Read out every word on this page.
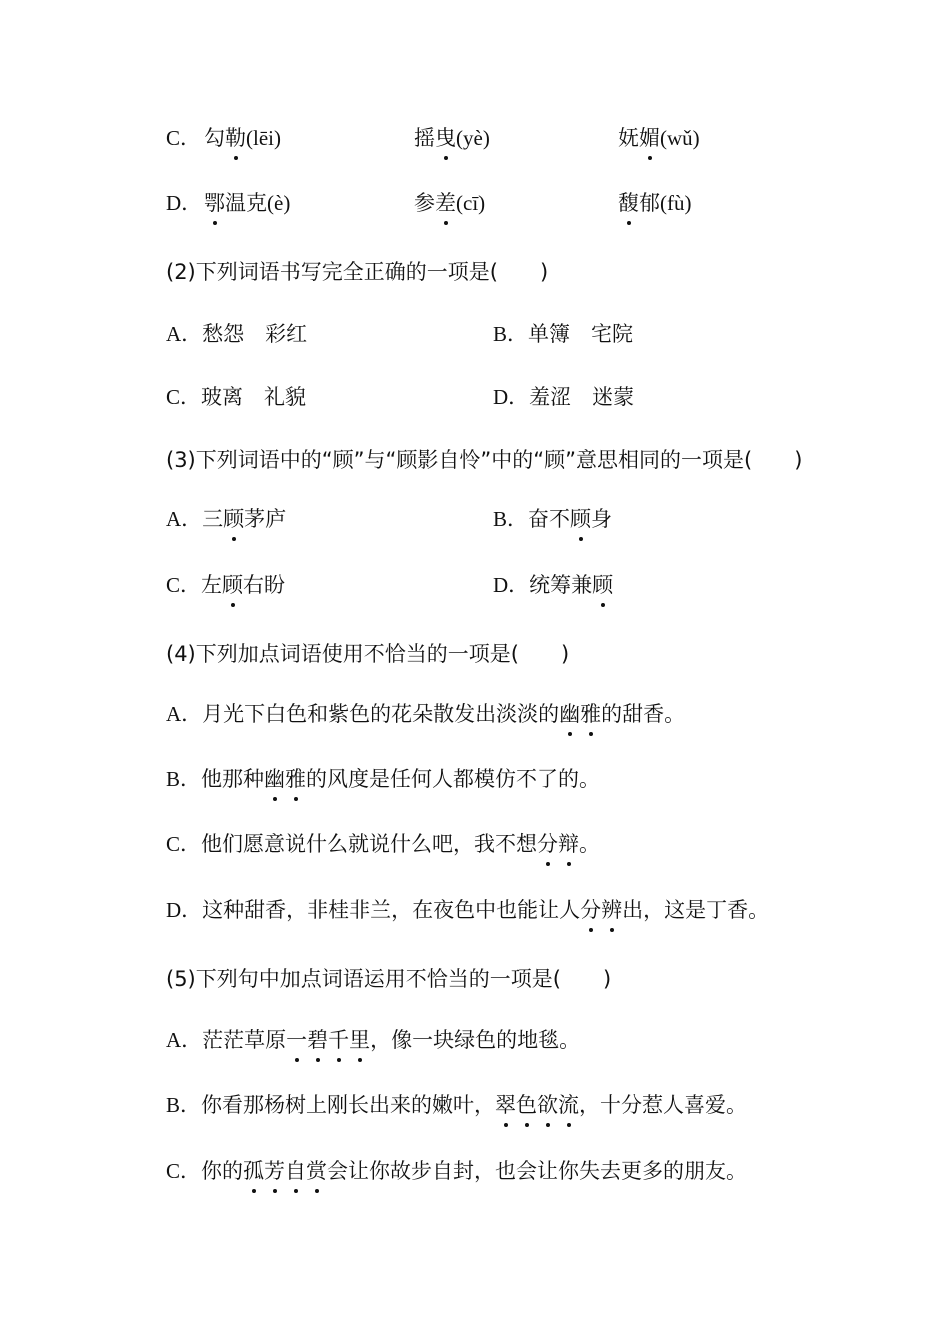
C． 勾勒(lēi)	摇曳(yè)	妩媚(wǔ)
D． 鄂温克(è)	参差(cī)	馥郁(fù)
(2)下列词语书写完全正确的一项是(　　)
A．愁怨　彩红	B．单簿　宅院
C．玻离　礼貌	D．羞涩　迷蒙
(3)下列词语中的“顾”与“顾影自怜”中的“顾”意思相同的一项是(　　)
A．三顾茅庐	B．奋不顾身
C．左顾右盼	D．统筹兼顾
(4)下列加点词语使用不恰当的一项是(　　)
A．月光下白色和紫色的花朵散发出淡淡的幽雅的甜香。
B．他那种幽雅的风度是任何人都模仿不了的。
C．他们愿意说什么就说什么吧，我不想分辩。
D．这种甜香，非桂非兰，在夜色中也能让人分辨出，这是丁香。
(5)下列句中加点词语运用不恰当的一项是(　　)
A．茫茫草原一碧千里，像一块绿色的地毯。
B．你看那杨树上刚长出来的嫩叶，翠色欲流，十分惹人喜爱。
C．你的孤芳自赏会让你故步自封，也会让你失去更多的朋友。
